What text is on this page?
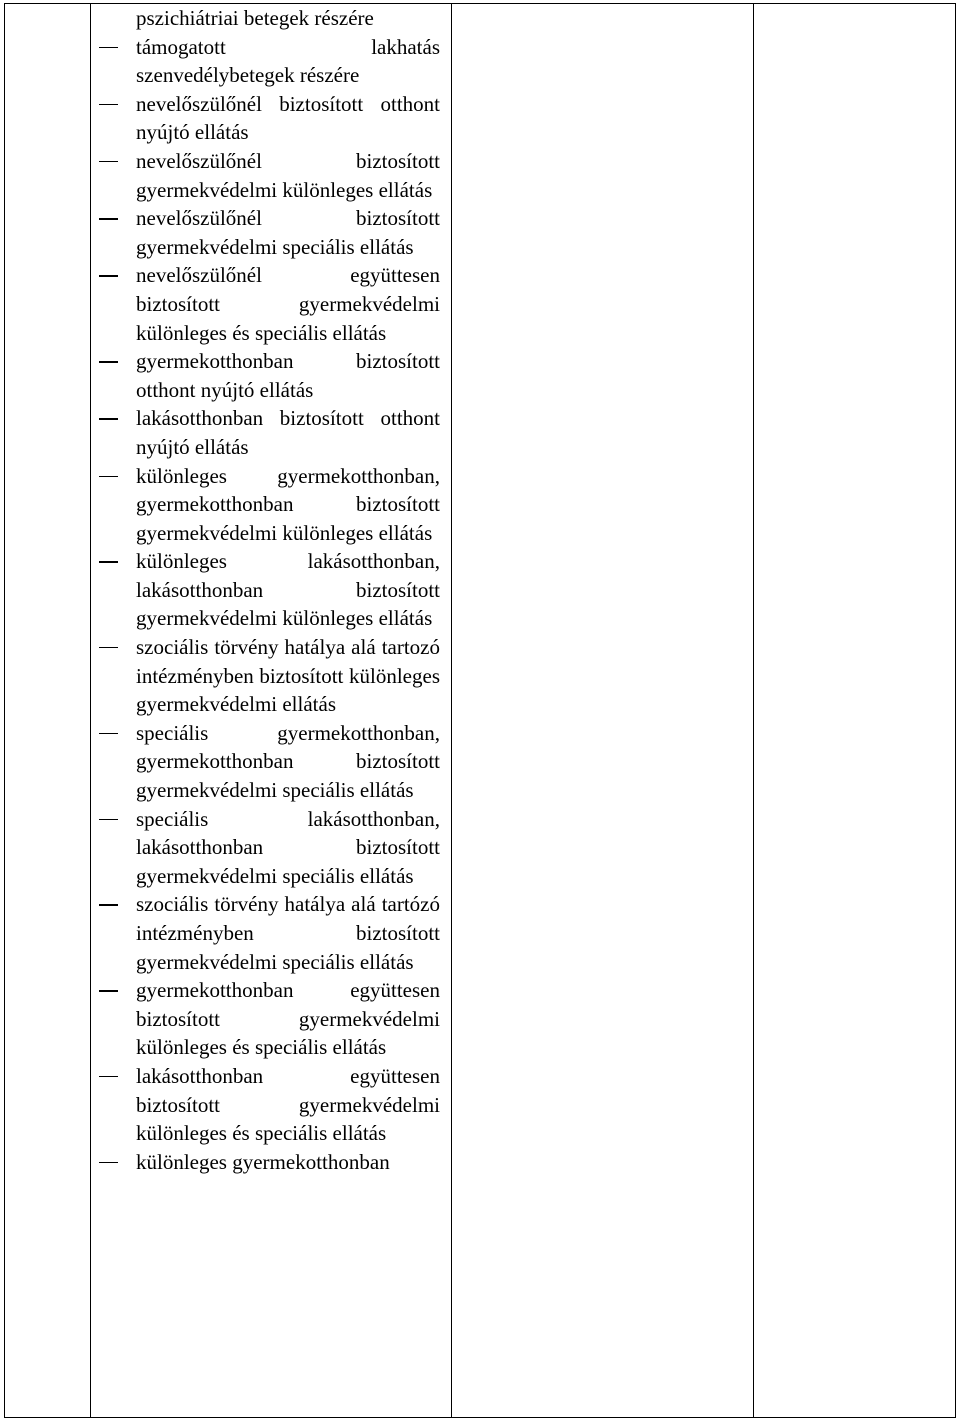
pszichiátriai betegek részére
támogatott lakhatás szenvedélybetegek részére
nevelőszülőnél biztosított otthont nyújtó ellátás
nevelőszülőnél biztosított gyermekvédelmi különleges ellátás
nevelőszülőnél biztosított gyermekvédelmi speciális ellátás
nevelőszülőnél együttesen biztosított gyermekvédelmi különleges és speciális ellátás
gyermekotthonban biztosított otthont nyújtó ellátás
lakásotthonban biztosított otthont nyújtó ellátás
különleges gyermekotthonban, gyermekotthonban biztosított gyermekvédelmi különleges ellátás
különleges lakásotthonban, lakásotthonban biztosított gyermekvédelmi különleges ellátás
szociális törvény hatálya alá tartozó intézményben biztosított különleges gyermekvédelmi ellátás
speciális gyermekotthonban, gyermekotthonban biztosított gyermekvédelmi speciális ellátás
speciális lakásotthonban, lakásotthonban biztosított gyermekvédelmi speciális ellátás
szociális törvény hatálya alá tartózó intézményben biztosított gyermekvédelmi speciális ellátás
gyermekotthonban együttesen biztosított gyermekvédelmi különleges és speciális ellátás
lakásotthonban együttesen biztosított gyermekvédelmi különleges és speciális ellátás
különleges gyermekotthonban
